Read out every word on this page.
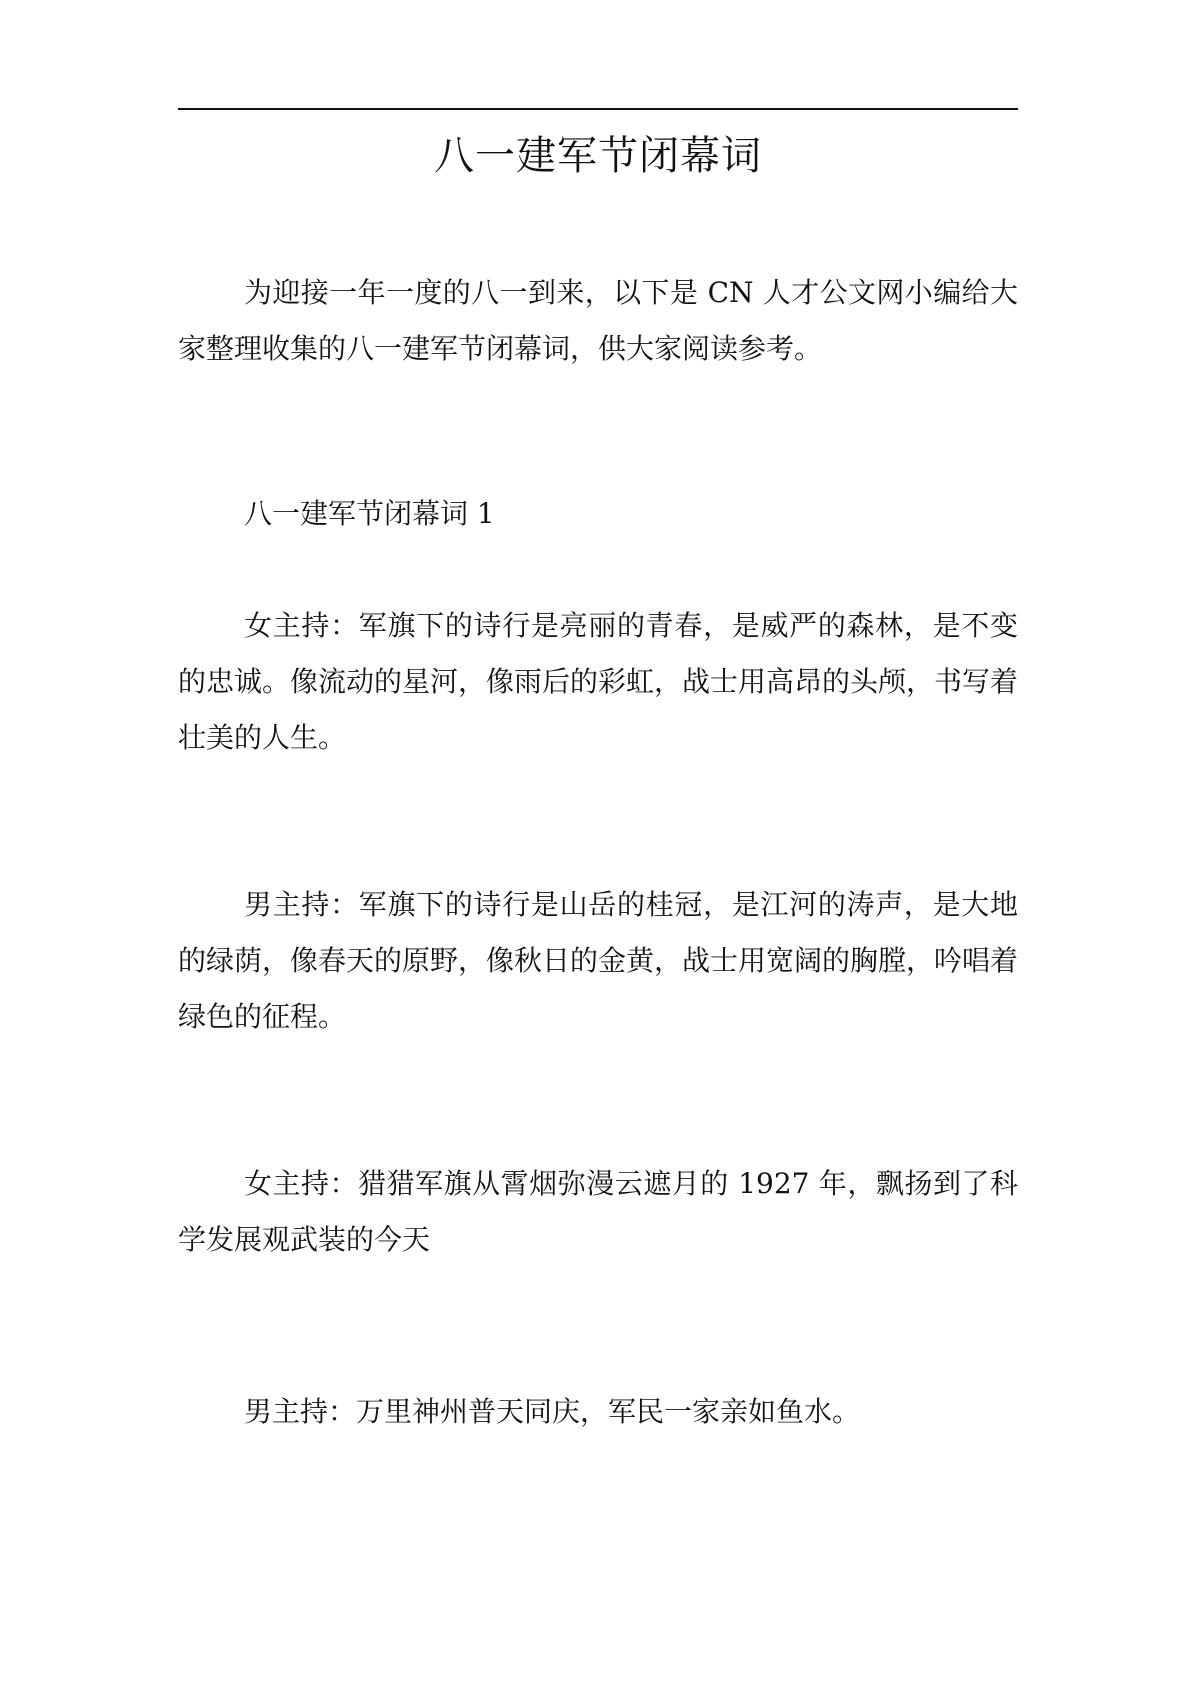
八一建军节闭幕词

为迎接一年一度的八一到来，以下是 CN 人才公文网小编给大家整理收集的八一建军节闭幕词，供大家阅读参考。

八一建军节闭幕词 1

女主持：军旗下的诗行是亮丽的青春，是威严的森林，是不变的忠诚。像流动的星河，像雨后的彩虹，战士用高昂的头颅，书写着壮美的人生。

男主持：军旗下的诗行是山岳的桂冠，是江河的涛声，是大地的绿荫，像春天的原野，像秋日的金黄，战士用宽阔的胸膛，吟唱着绿色的征程。

女主持：猎猎军旗从霄烟弥漫云遮月的 1927 年，飘扬到了科学发展观武装的今天

男主持：万里神州普天同庆，军民一家亲如鱼水。
